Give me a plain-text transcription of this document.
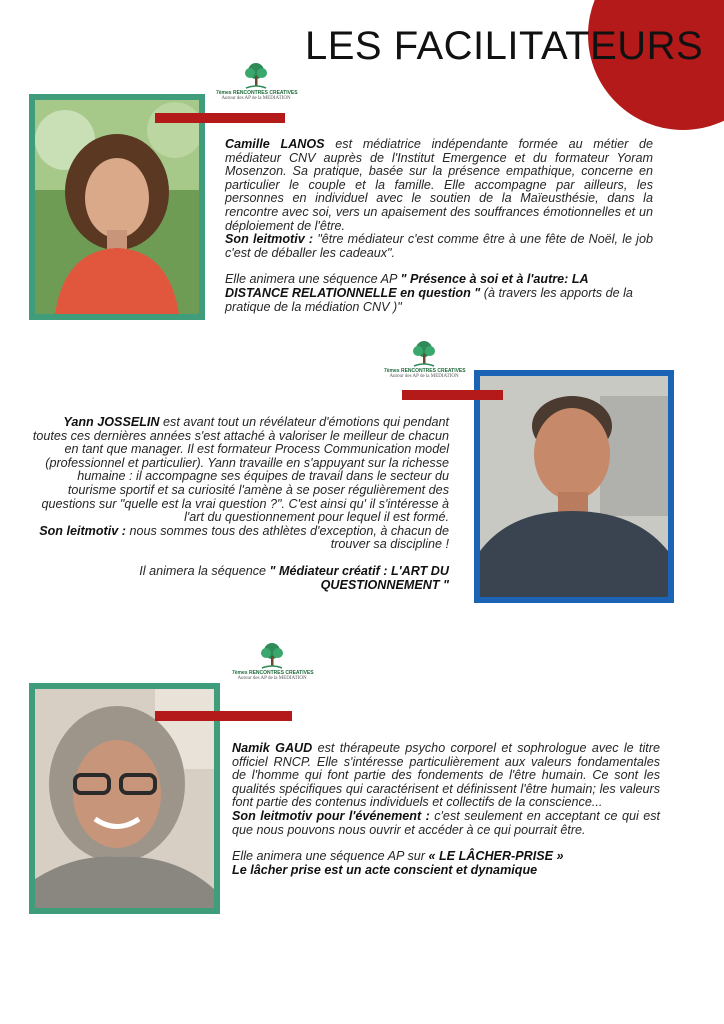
LES FACILITATEURS
7èmes RENCONTRES CREATIVES
Autour des AP de la MEDIATION

Camille LANOS est médiatrice indépendante formée au métier de médiateur CNV auprès de l'Institut Emergence et du formateur Yoram Mosenzon. Sa pratique, basée sur la présence empathique, concerne en particulier le couple et la famille. Elle accompagne par ailleurs, les personnes en individuel avec le soutien de la Maïeusthésie, dans la rencontre avec soi, vers un apaisement des souffrances émotionnelles et un déploiement de l'être.

Son leitmotiv : "être médiateur c'est comme être à une fête de Noël, le job c'est de déballer les cadeaux".

Elle animera une séquence AP " Présence à soi et à l'autre: LA DISTANCE RELATIONNELLE en question " (à travers les apports de la pratique de la médiation CNV )"

7èmes RENCONTRES CREATIVES
Autour des AP de la MEDIATION

Yann JOSSELIN est avant tout un révélateur d'émotions qui pendant toutes ces dernières années s'est attaché à valoriser le meilleur de chacun en tant que manager. Il est formateur Process Communication model (professionnel et particulier). Yann travaille en s'appuyant sur la richesse humaine : il accompagne ses équipes de travail dans le secteur du tourisme sportif et sa curiosité l'amène à se poser régulièrement des questions sur "quelle est la vrai question ?". C'est ainsi qu' il s'intéresse à l'art du questionnement pour lequel il est formé.

Son leitmotiv : nous sommes tous des athlètes d'exception, à chacun de trouver sa discipline !

Il animera la séquence " Médiateur créatif : L'ART DU QUESTIONNEMENT "

7èmes RENCONTRES CREATIVES
Autour des AP de la MEDIATION

Namik GAUD est thérapeute psycho corporel et sophrologue avec le titre officiel RNCP. Elle s'intéresse particulièrement aux valeurs fondamentales de l'homme qui font partie des fondements de l'être humain. Ce sont les qualités spécifiques qui caractérisent et définissent l'être humain; les valeurs font partie des contenus individuels et collectifs de la conscience...

Son leitmotiv pour l'événement : c'est seulement en acceptant ce qui est que nous pouvons nous ouvrir et accéder à ce qui pourrait être.

Elle animera une séquence AP sur « LE LÂCHER-PRISE »

Le lâcher prise est un acte conscient et dynamique
